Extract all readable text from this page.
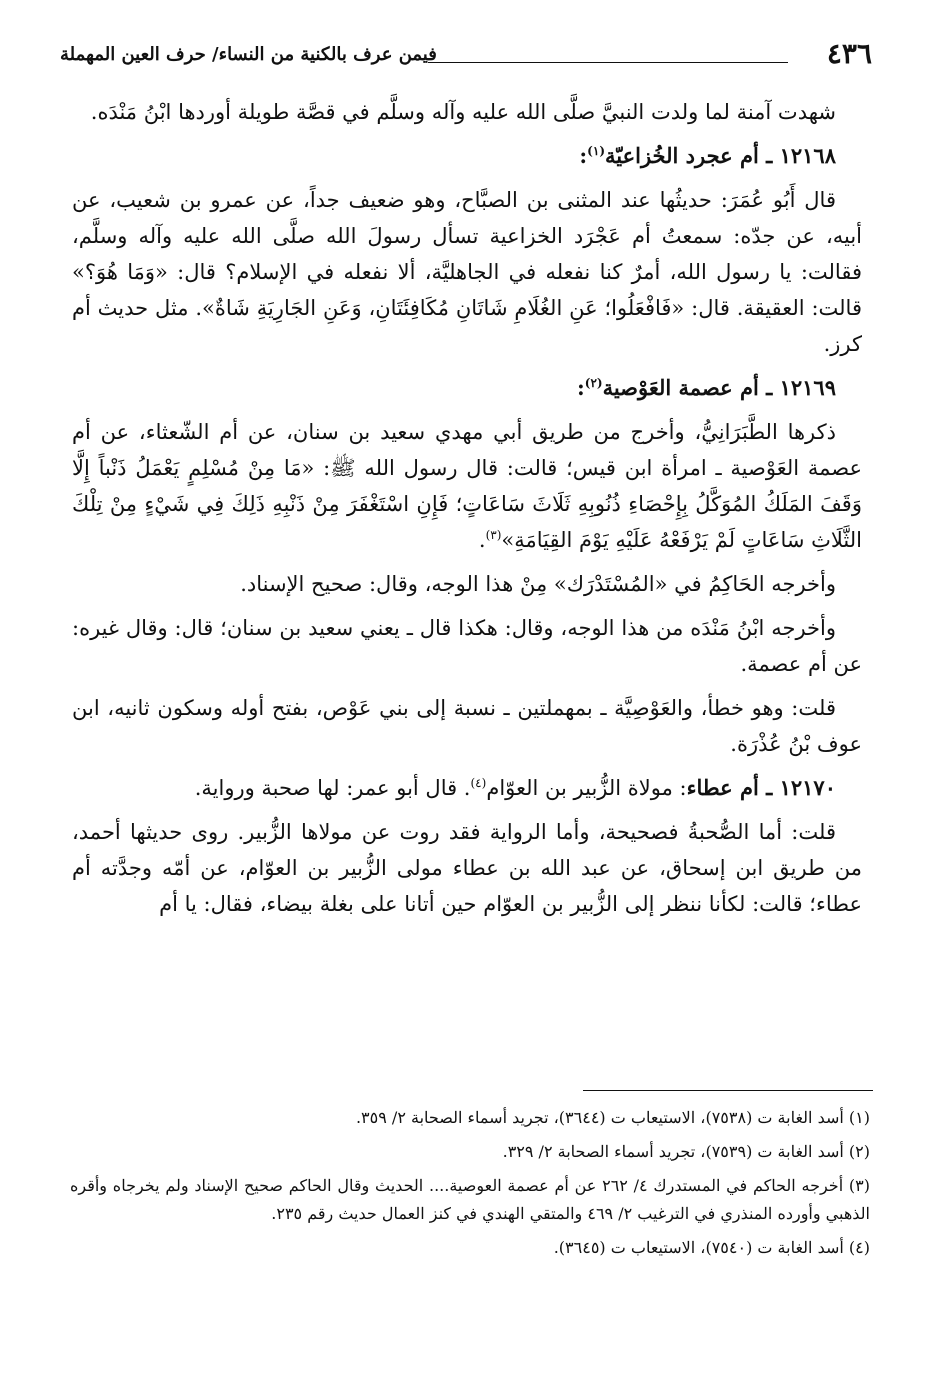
٤٣٦
فيمن عرف بالكنية من النساء/ حرف العين المهملة

شهدت آمنة لما ولدت النبيَّ صلَّى الله عليه وآله وسلَّم في قصَّة طويلة أوردها ابْنُ مَنْدَه.

١٢١٦٨ ـ أم عجرد الخُزاعيّة$^{(١)}$:

قال أَبُو عُمَرَ: حديثُها عند المثنى بن الصبَّاح، وهو ضعيف جداً، عن عمرو بن شعيب، عن أبيه، عن جدّه: سمعتُ أم عَجْرَد الخزاعية تسأل رسولَ الله صلَّى الله عليه وآله وسلَّم، فقالت: يا رسول الله، أمرٌ كنا نفعله في الجاهليَّة، ألا نفعله في الإسلام؟ قال: «وَمَا هُوَ؟» قالت: العقيقة. قال: «فَافْعَلُوا؛ عَنِ الغُلَامِ شَاتَانِ مُكَافِئَتَانِ، وَعَنِ الجَارِيَةِ شَاةٌ». مثل حديث أم كرز.

١٢١٦٩ ـ أم عصمة العَوْصية$^{(٢)}$:

ذكرها الطَّبَرَانِيُّ، وأخرج من طريق أبي مهدي سعيد بن سنان، عن أم الشّعثاء، عن أم عصمة العَوْصية ـ امرأة ابن قيس؛ قالت: قال رسول الله ﷺ: «مَا مِنْ مُسْلِمٍ يَعْمَلُ ذَنْباً إِلَّا وَقَفَ المَلَكُ المُوَكَّلُ بِإِحْصَاءِ ذُنُوبِهِ ثَلَاثَ سَاعَاتٍ؛ فَإِنِ اسْتَغْفَرَ مِنْ ذَنْبِهِ ذَلِكَ فِي شَيْءٍ مِنْ تِلْكَ الثَّلَاثِ سَاعَاتٍ لَمْ يَرْفَعْهُ عَلَيْهِ يَوْمَ القِيَامَةِ»$^{(٣)}$.

وأخرجه الحَاكِمُ في «المُسْتَدْرَك» مِنْ هذا الوجه، وقال: صحيح الإسناد.

وأخرجه ابْنُ مَنْدَه من هذا الوجه، وقال: هكذا قال ـ يعني سعيد بن سنان؛ قال: وقال غيره: عن أم عصمة.

قلت: وهو خطأ، والعَوْصِيَّة ـ بمهملتين ـ نسبة إلى بني عَوْص، بفتح أوله وسكون ثانيه، ابن عوف بْنُ عُذْرَة.

١٢١٧٠ ـ أم عطاء: مولاة الزُّبير بن العوّام$^{(٤)}$. قال أبو عمر: لها صحبة ورواية.

قلت: أما الصُّحبةُ فصحيحة، وأما الرواية فقد روت عن مولاها الزُّبير. روى حديثها أحمد، من طريق ابن إسحاق، عن عبد الله بن عطاء مولى الزُّبير بن العوّام، عن أمّه وجدَّته أم عطاء؛ قالت: لكأنا ننظر إلى الزُّبير بن العوّام حين أتانا على بغلة بيضاء، فقال: يا أم

(١) أسد الغابة ت (٧٥٣٨)، الاستيعاب ت (٣٦٤٤)، تجريد أسماء الصحابة ٢/ ٣٥٩.

(٢) أسد الغابة ت (٧٥٣٩)، تجريد أسماء الصحابة ٢/ ٣٢٩.

(٣) أخرجه الحاكم في المستدرك ٤/ ٢٦٢ عن أم عصمة العوصية.... الحديث وقال الحاكم صحيح الإسناد ولم يخرجاه وأقره الذهبي وأورده المنذري في الترغيب ٢/ ٤٦٩ والمتقي الهندي في كنز العمال حديث رقم ٢٣٥.

(٤) أسد الغابة ت (٧٥٤٠)، الاستيعاب ت (٣٦٤٥).
